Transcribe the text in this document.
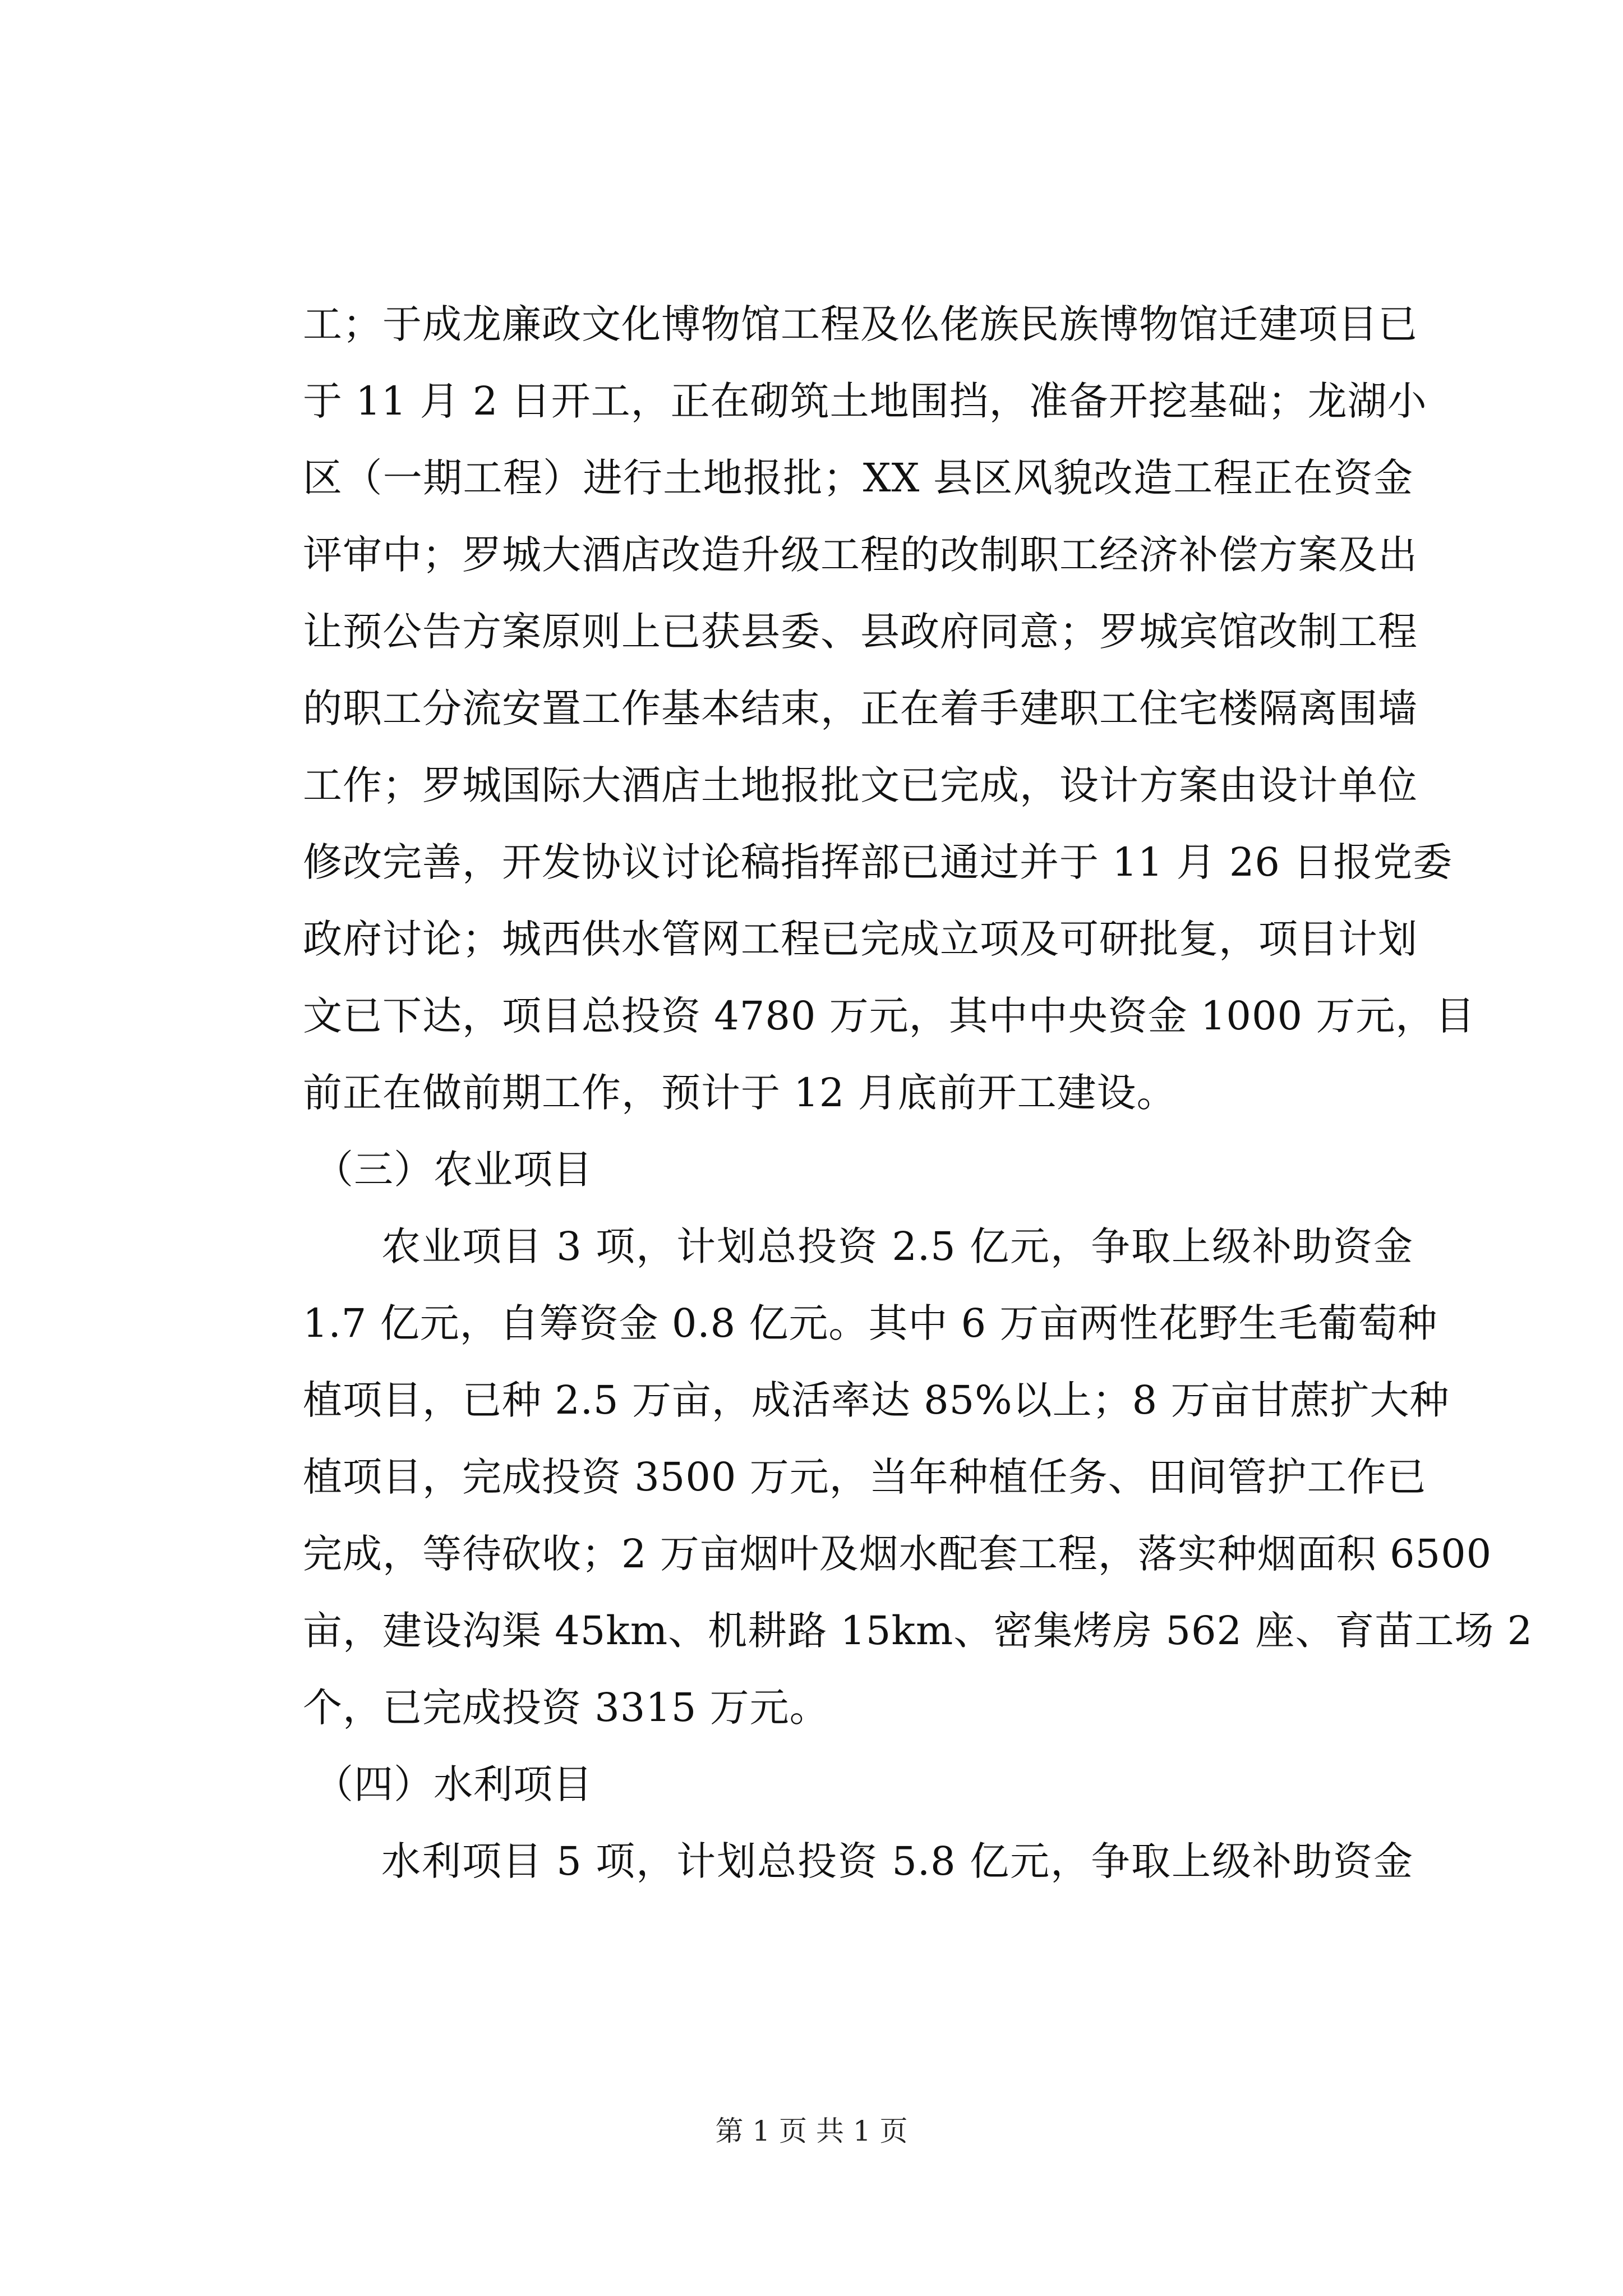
工；于成龙廉政文化博物馆工程及仫佬族民族博物馆迁建项目已
于 11 月 2 日开工，正在砌筑土地围挡，准备开挖基础；龙湖小
区（一期工程）进行土地报批；XX 县区风貌改造工程正在资金
评审中；罗城大酒店改造升级工程的改制职工经济补偿方案及出
让预公告方案原则上已获县委、县政府同意；罗城宾馆改制工程
的职工分流安置工作基本结束，正在着手建职工住宅楼隔离围墙
工作；罗城国际大酒店土地报批文已完成，设计方案由设计单位
修改完善，开发协议讨论稿指挥部已通过并于 11 月 26 日报党委
政府讨论；城西供水管网工程已完成立项及可研批复，项目计划
文已下达，项目总投资 4780 万元，其中中央资金 1000 万元，目
前正在做前期工作，预计于 12 月底前开工建设。
（三）农业项目
农业项目 3 项，计划总投资 2.5 亿元，争取上级补助资金
1.7 亿元，自筹资金 0.8 亿元。其中 6 万亩两性花野生毛葡萄种
植项目，已种 2.5 万亩，成活率达 85%以上；8 万亩甘蔗扩大种
植项目，完成投资 3500 万元，当年种植任务、田间管护工作已
完成，等待砍收；2 万亩烟叶及烟水配套工程，落实种烟面积 6500
亩，建设沟渠 45km、机耕路 15km、密集烤房 562 座、育苗工场 2
个，已完成投资 3315 万元。
（四）水利项目
水利项目 5 项，计划总投资 5.8 亿元，争取上级补助资金
第 1 页 共 1 页
